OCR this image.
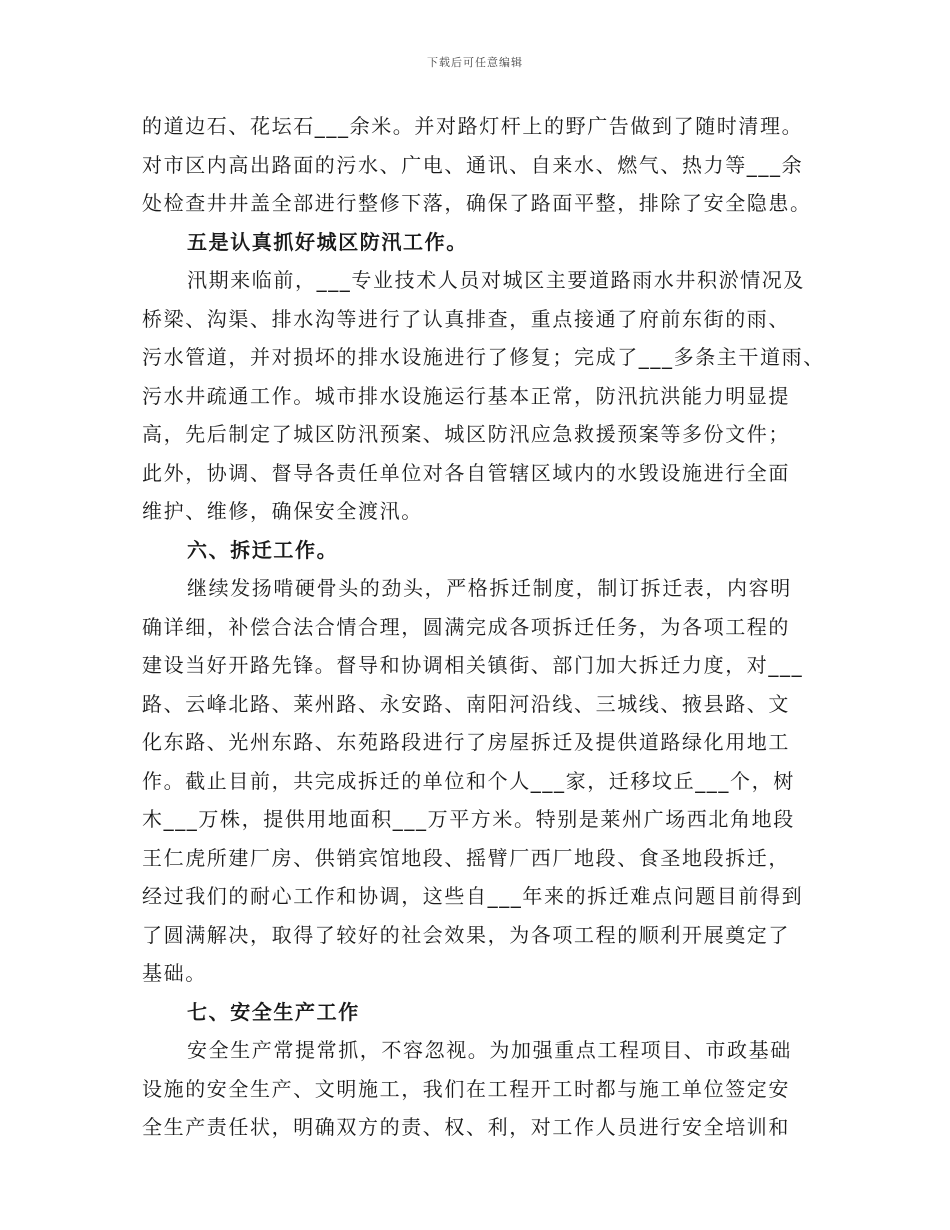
下载后可任意编辑
的道边石、花坛石___余米。并对路灯杆上的野广告做到了随时清理。
对市区内高出路面的污水、广电、通讯、自来水、燃气、热力等___余
处检查井井盖全部进行整修下落，确保了路面平整，排除了安全隐患。
五是认真抓好城区防汛工作。
汛期来临前，___专业技术人员对城区主要道路雨水井积淤情况及
桥梁、沟渠、排水沟等进行了认真排查，重点接通了府前东街的雨、
污水管道，并对损坏的排水设施进行了修复；完成了___多条主干道雨、
污水井疏通工作。城市排水设施运行基本正常，防汛抗洪能力明显提
高，先后制定了城区防汛预案、城区防汛应急救援预案等多份文件；
此外，协调、督导各责任单位对各自管辖区域内的水毁设施进行全面
维护、维修，确保安全渡汛。
六、拆迁工作。
继续发扬啃硬骨头的劲头，严格拆迁制度，制订拆迁表，内容明
确详细，补偿合法合情合理，圆满完成各项拆迁任务，为各项工程的
建设当好开路先锋。督导和协调相关镇街、部门加大拆迁力度，对___
路、云峰北路、莱州路、永安路、南阳河沿线、三城线、掖县路、文
化东路、光州东路、东苑路段进行了房屋拆迁及提供道路绿化用地工
作。截止目前，共完成拆迁的单位和个人___家，迁移坟丘___个，树
木___万株，提供用地面积___万平方米。特别是莱州广场西北角地段
王仁虎所建厂房、供销宾馆地段、摇臂厂西厂地段、食圣地段拆迁，
经过我们的耐心工作和协调，这些自___年来的拆迁难点问题目前得到
了圆满解决，取得了较好的社会效果，为各项工程的顺利开展奠定了
基础。
七、安全生产工作
安全生产常提常抓，不容忽视。为加强重点工程项目、市政基础
设施的安全生产、文明施工，我们在工程开工时都与施工单位签定安
全生产责任状，明确双方的责、权、利，对工作人员进行安全培训和
